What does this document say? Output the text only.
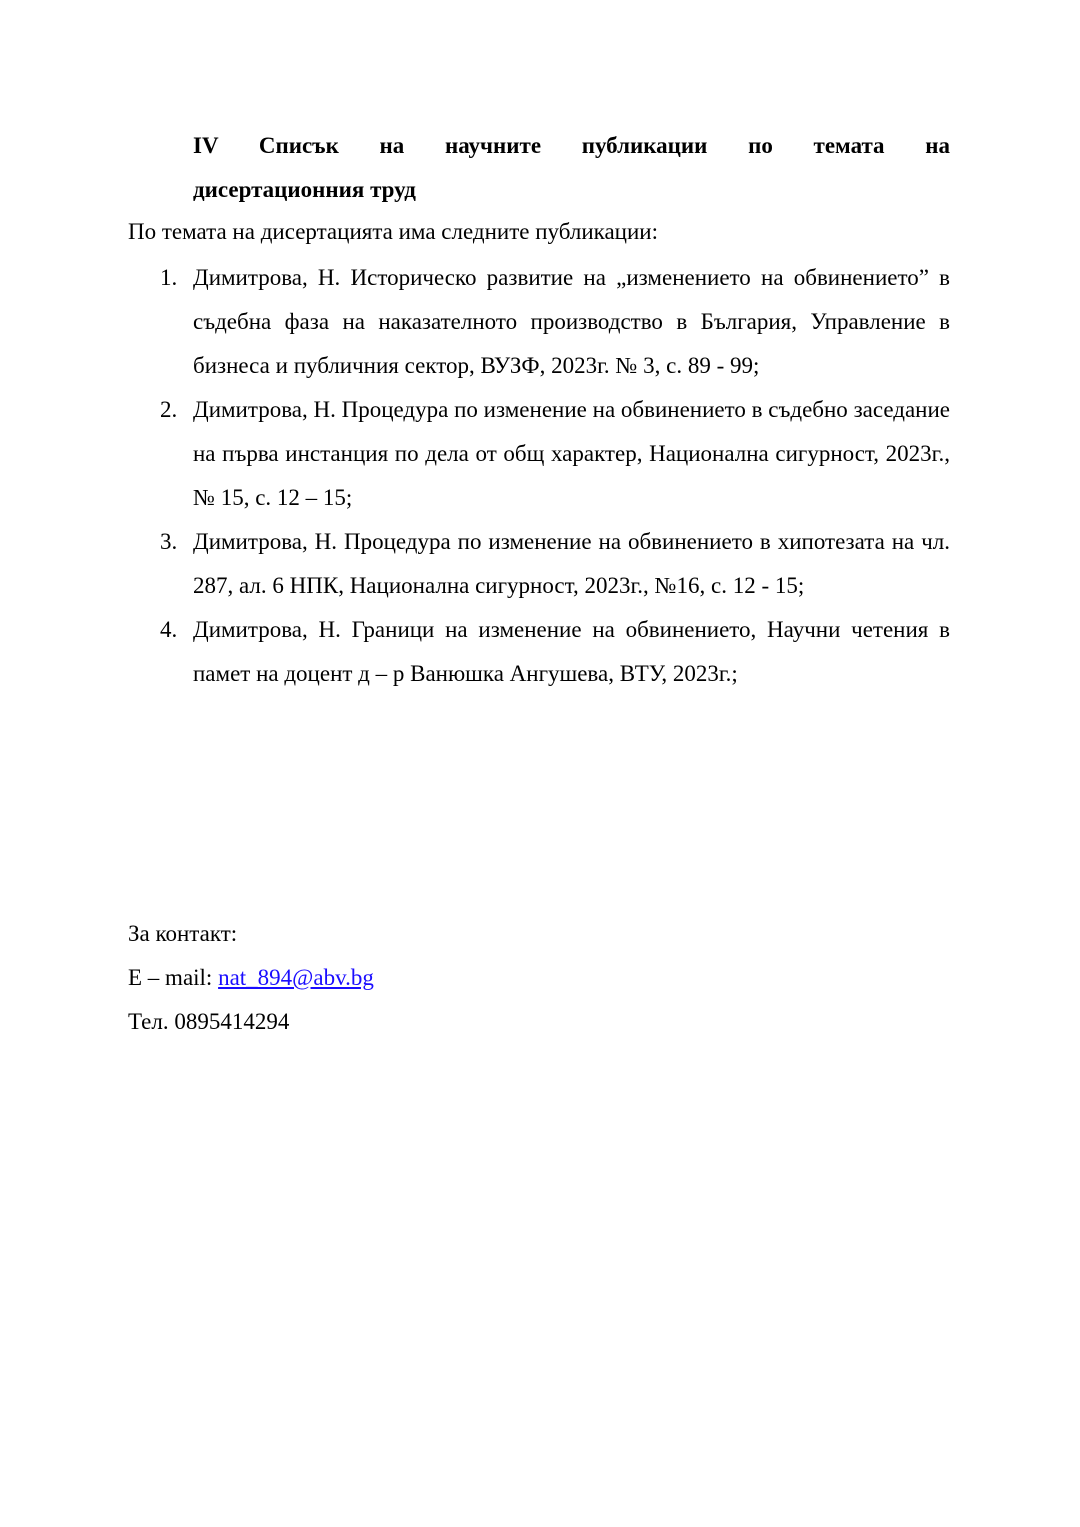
IV Списък на научните публикации по темата на
дисертационния труд
По темата на дисертацията има следните публикации:
1. Димитрова, Н. Историческо развитие на „изменението на обвинението” в съдебна фаза на наказателното производство в България, Управление в бизнеса и публичния сектор, ВУЗФ, 2023г. № 3, с. 89 - 99;
2. Димитрова, Н. Процедура по изменение на обвинението в съдебно заседание на първа инстанция по дела от общ характер, Национална сигурност, 2023г., № 15, с. 12 – 15;
3. Димитрова, Н. Процедура по изменение на обвинението в хипотезата на чл. 287, ал. 6 НПК, Национална сигурност, 2023г., №16, с. 12 - 15;
4. Димитрова, Н. Граници на изменение на обвинението, Научни четения в памет на доцент д – р Ванюшка Ангушева, ВТУ, 2023г.;
За контакт:
Е – mail: nat_894@abv.bg
Тел. 0895414294
